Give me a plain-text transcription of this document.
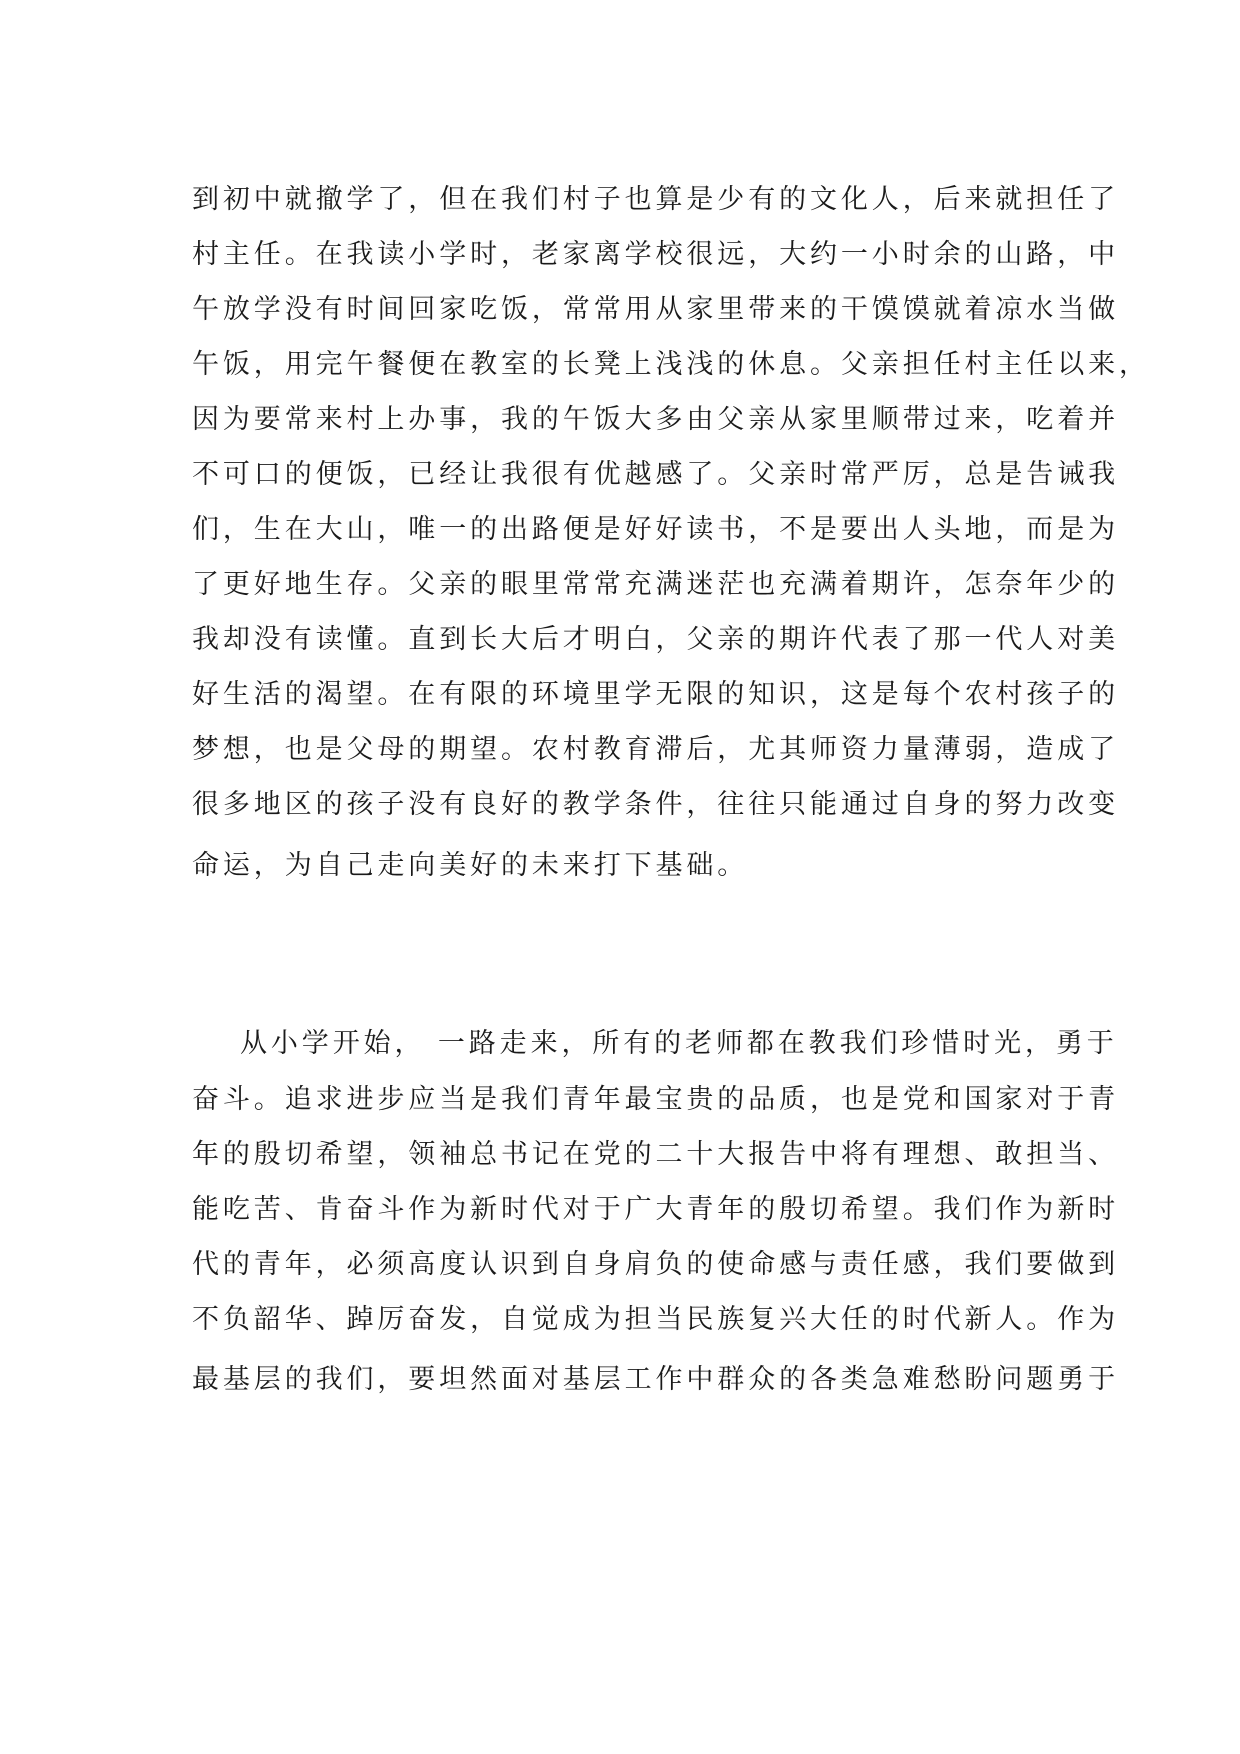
到初中就撤学了，但在我们村子也算是少有的文化人，后来就担任了
村主任。在我读小学时，老家离学校很远，大约一小时余的山路，中
午放学没有时间回家吃饭，常常用从家里带来的干馍馍就着凉水当做
午饭，用完午餐便在教室的长凳上浅浅的休息。父亲担任村主任以来，
因为要常来村上办事，我的午饭大多由父亲从家里顺带过来，吃着并
不可口的便饭，已经让我很有优越感了。父亲时常严厉，总是告诫我
们，生在大山，唯一的出路便是好好读书，不是要出人头地，而是为
了更好地生存。父亲的眼里常常充满迷茫也充满着期许，怎奈年少的
我却没有读懂。直到长大后才明白，父亲的期许代表了那一代人对美
好生活的渴望。在有限的环境里学无限的知识，这是每个农村孩子的
梦想，也是父母的期望。农村教育滞后，尤其师资力量薄弱，造成了
很多地区的孩子没有良好的教学条件，往往只能通过自身的努力改变
命运，为自己走向美好的未来打下基础。
从小学开始， 一路走来，所有的老师都在教我们珍惜时光，勇于
奋斗。追求进步应当是我们青年最宝贵的品质，也是党和国家对于青
年的殷切希望，领袖总书记在党的二十大报告中将有理想、敢担当、
能吃苦、肯奋斗作为新时代对于广大青年的殷切希望。我们作为新时
代的青年，必须高度认识到自身肩负的使命感与责任感，我们要做到
不负韶华、踔厉奋发，自觉成为担当民族复兴大任的时代新人。作为
最基层的我们，要坦然面对基层工作中群众的各类急难愁盼问题勇于
